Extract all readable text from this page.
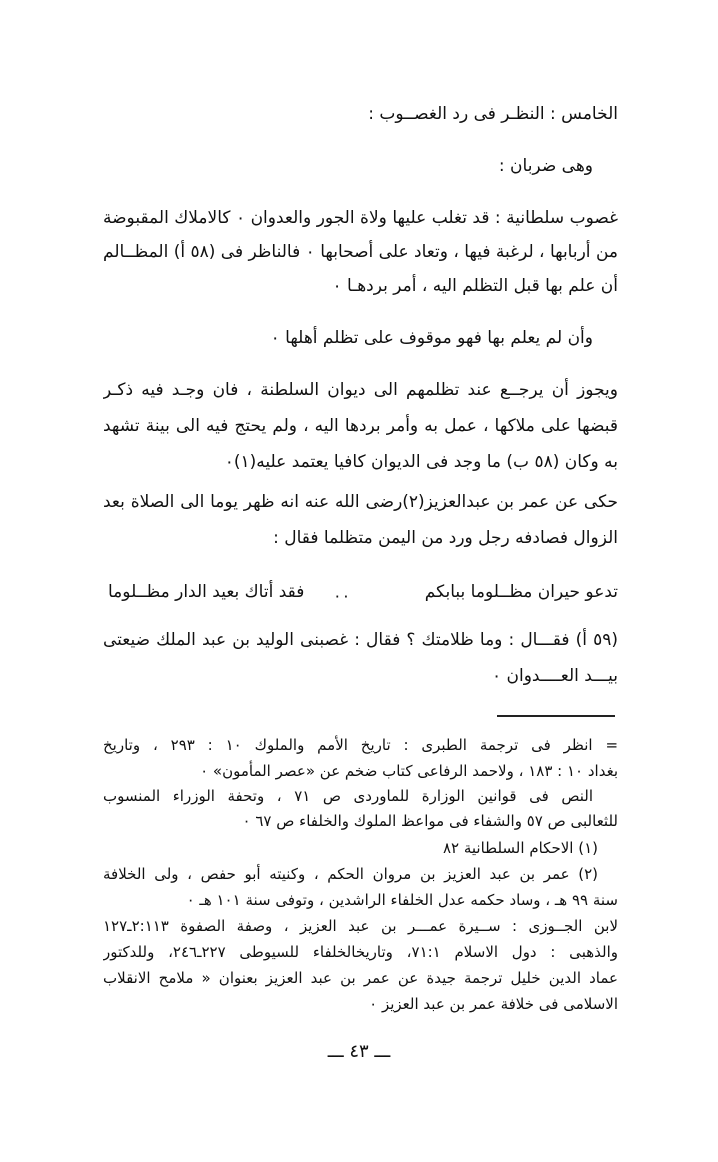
الخامس : النظـر فى رد الغصــوب :
وهى ضربان :
غصوب سلطانية : قد تغلب عليها ولاة الجور والعدوان ٠ كالاملاك المقبوضة
من أربابها ، لرغبة فيها ، وتعاد على أصحابها ٠ فالناظر فى (٥٨ أ) المظــالم
أن علم بها قبل التظلم اليه ، أمر بردهـا ٠
وأن لم يعلم بها فهو موقوف على تظلم أهلها ٠
ويجوز أن يرجــع عند تظلمهم الى ديوان السلطنة ، فان وجـد فيه ذكـر
قبضها على ملاكها ، عمل به وأمر بردها اليه ، ولم يحتج فيه الى بينة تشهد
به وكان (٥٨ ب) ما وجد فى الديوان كافيا يعتمد عليه(١)٠
حكى عن عمر بن عبدالعزيز(٢)رضى الله عنه انه ظهر يوما الى الصلاة بعد
الزوال فصادفه رجل ورد من اليمن متظلما فقال :
تدعو حيران مظــلوما ببابكم
٠٠
فقد أتاك بعيد الدار مظــلوما
(٥٩ أ) فقـــال : وما ظلامتك ؟ فقال : غصبنى الوليد بن عبد الملك ضيعتى
بيـــد العــــدوان ٠
= انظر فى ترجمة الطبرى : تاريخ الأمم والملوك ١٠ : ٢٩٣ ، وتاريخ
بغداد ١٠ : ١٨٣ ، ولاحمد الرفاعى كتاب ضخم عن «عصر المأمون» ٠
النص فى قوانين الوزارة للماوردى ص ٧١ ، وتحفة الوزراء المنسوب
للثعالبى ص ٥٧ والشفاء فى مواعظ الملوك والخلفاء ص ٦٧ ٠
(١) الاحكام السلطانية ٨٢
(٢) عمر بن عبد العزيز بن مروان الحكم ، وكنيته أبو حفص ، ولى الخلافة
سنة ٩٩ هـ ، وساد حكمه عدل الخلفاء الراشدين ، وتوفى سنة ١٠١ هـ ٠
لابن الجــوزى : ســيرة عمـــر بن عبد العزيز ، وصفة الصفوة ٢:١١٣ـ١٢٧
والذهبى : دول الاسلام ٧١:١، وتاريخالخلفاء للسيوطى ٢٢٧ـ٢٤٦، وللدكتور
عماد الدين خليل ترجمة جيدة عن عمر بن عبد العزيز بعنوان « ملامح الانقلاب
الاسلامى فى خلافة عمر بن عبد العزيز ٠
ـــ ٤٣ ـــ
